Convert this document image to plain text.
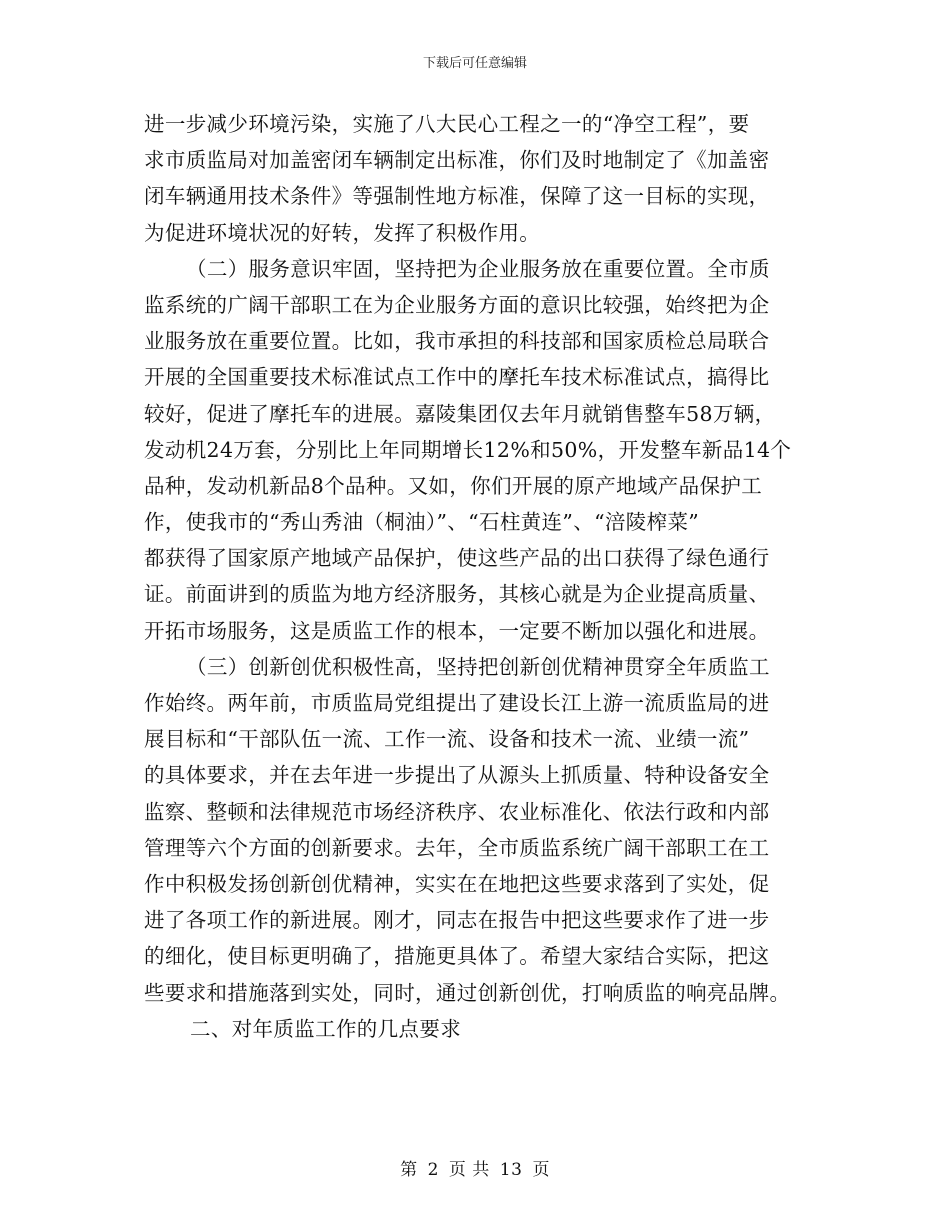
下载后可任意编辑
进一步减少环境污染，实施了八大民心工程之一的“净空工程”，要
求市质监局对加盖密闭车辆制定出标准，你们及时地制定了《加盖密
闭车辆通用技术条件》等强制性地方标准，保障了这一目标的实现，
为促进环境状况的好转，发挥了积极作用。
（二）服务意识牢固，坚持把为企业服务放在重要位置。全市质
监系统的广阔干部职工在为企业服务方面的意识比较强，始终把为企
业服务放在重要位置。比如，我市承担的科技部和国家质检总局联合
开展的全国重要技术标准试点工作中的摩托车技术标准试点，搞得比
较好，促进了摩托车的进展。嘉陵集团仅去年月就销售整车58万辆，
发动机24万套，分别比上年同期增长12%和50%，开发整车新品14个
品种，发动机新品8个品种。又如，你们开展的原产地域产品保护工
作，使我市的“秀山秀油（桐油）”、“石柱黄连”、“涪陵榨菜”
都获得了国家原产地域产品保护，使这些产品的出口获得了绿色通行
证。前面讲到的质监为地方经济服务，其核心就是为企业提高质量、
开拓市场服务，这是质监工作的根本，一定要不断加以强化和进展。
（三）创新创优积极性高，坚持把创新创优精神贯穿全年质监工
作始终。两年前，市质监局党组提出了建设长江上游一流质监局的进
展目标和“干部队伍一流、工作一流、设备和技术一流、业绩一流”
的具体要求，并在去年进一步提出了从源头上抓质量、特种设备安全
监察、整顿和法律规范市场经济秩序、农业标准化、依法行政和内部
管理等六个方面的创新要求。去年，全市质监系统广阔干部职工在工
作中积极发扬创新创优精神，实实在在地把这些要求落到了实处，促
进了各项工作的新进展。刚才，同志在报告中把这些要求作了进一步
的细化，使目标更明确了，措施更具体了。希望大家结合实际，把这
些要求和措施落到实处，同时，通过创新创优，打响质监的响亮品牌。
二、对年质监工作的几点要求
第 2 页 共 13 页
